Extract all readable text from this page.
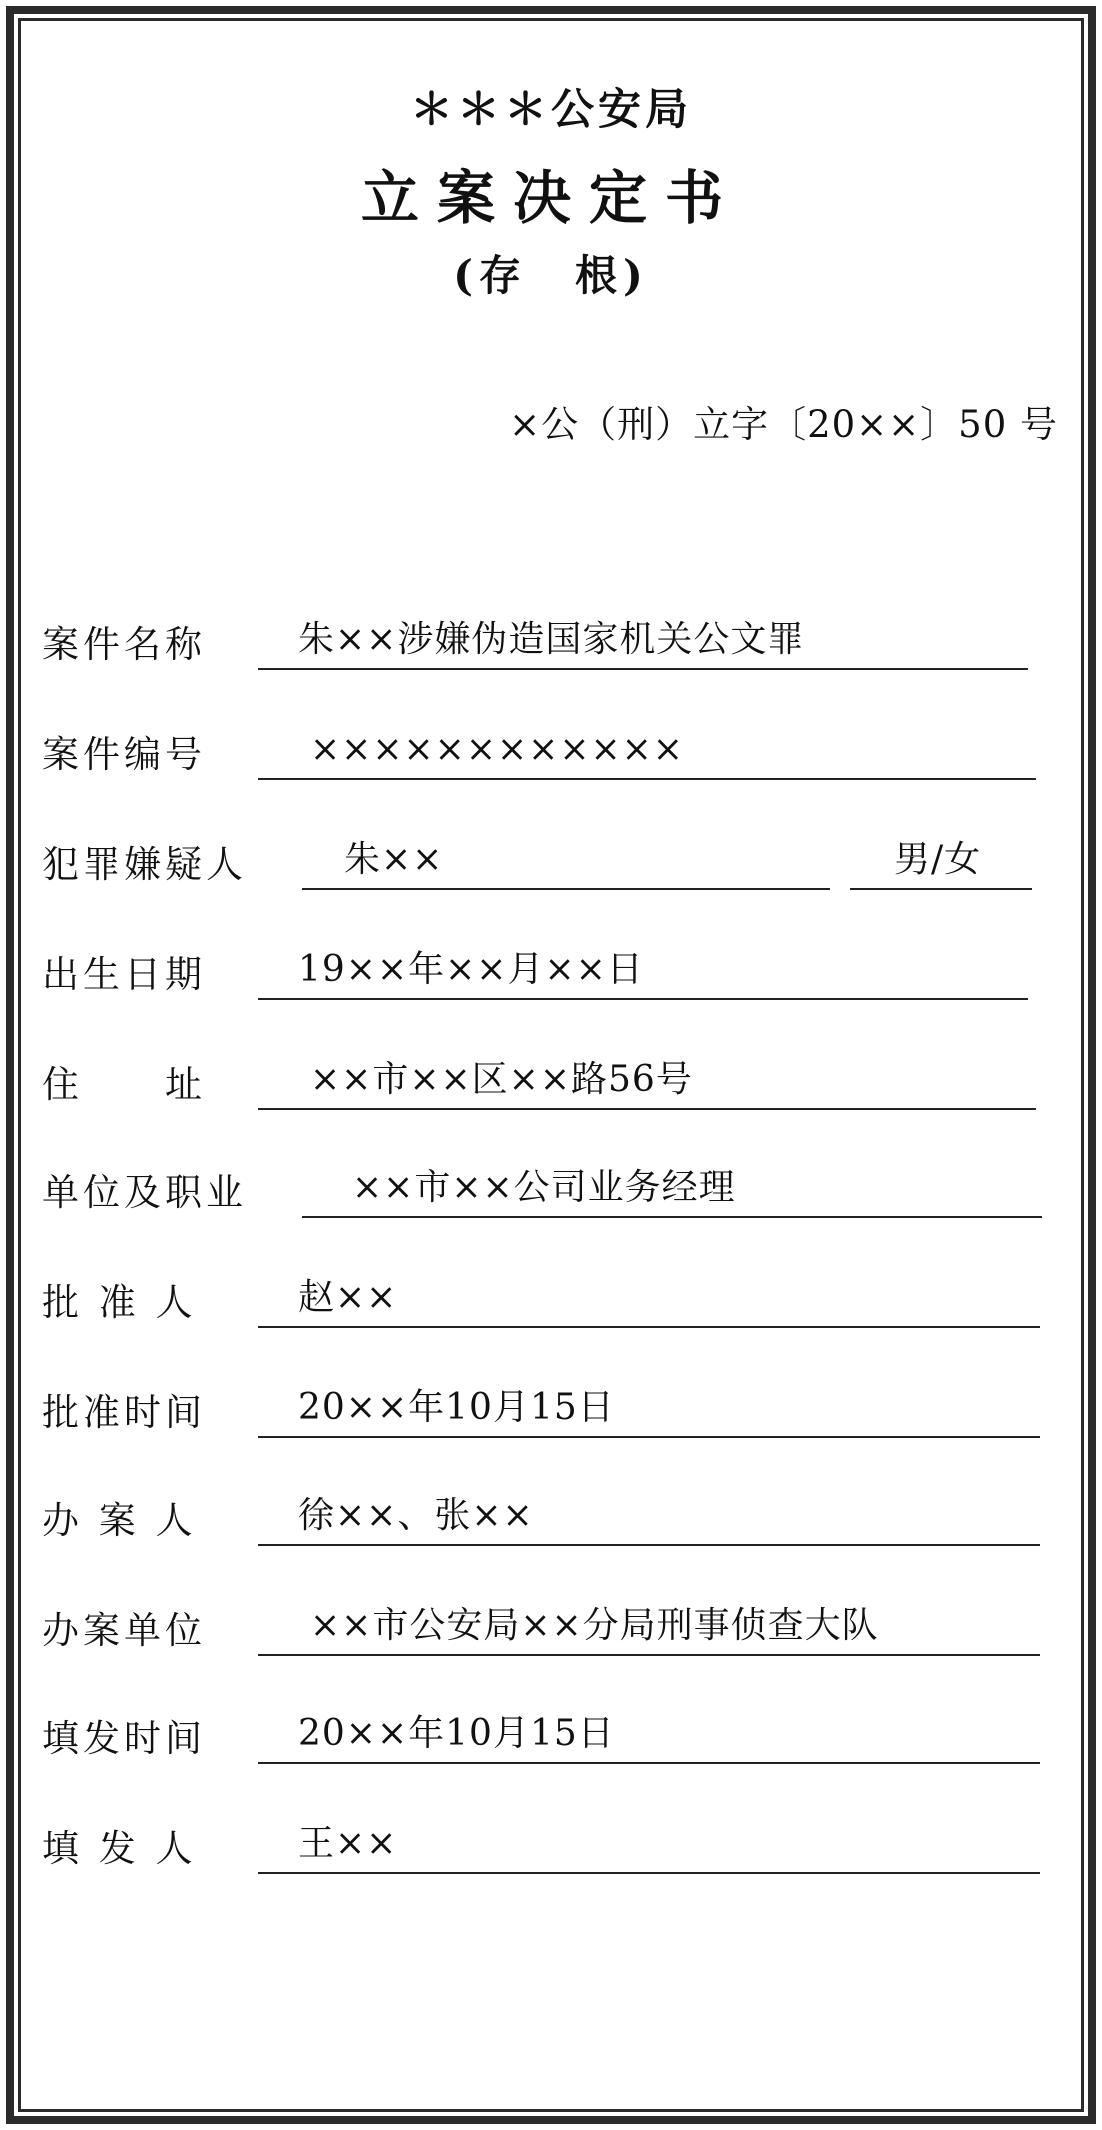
＊＊＊公安局
立案决定书
(存　根)
×公（刑）立字〔20××〕50 号
案件名称	朱××涉嫌伪造国家机关公文罪
案件编号	××××××××××××
犯罪嫌疑人	朱××	男/女
出生日期	19××年××月××日
住　　址	××市××区××路56号
单位及职业	××市××公司业务经理
批 准 人	赵××
批准时间	20××年10月15日
办 案 人	徐××、张××
办案单位	××市公安局××分局刑事侦查大队
填发时间	20××年10月15日
填 发 人	王××
